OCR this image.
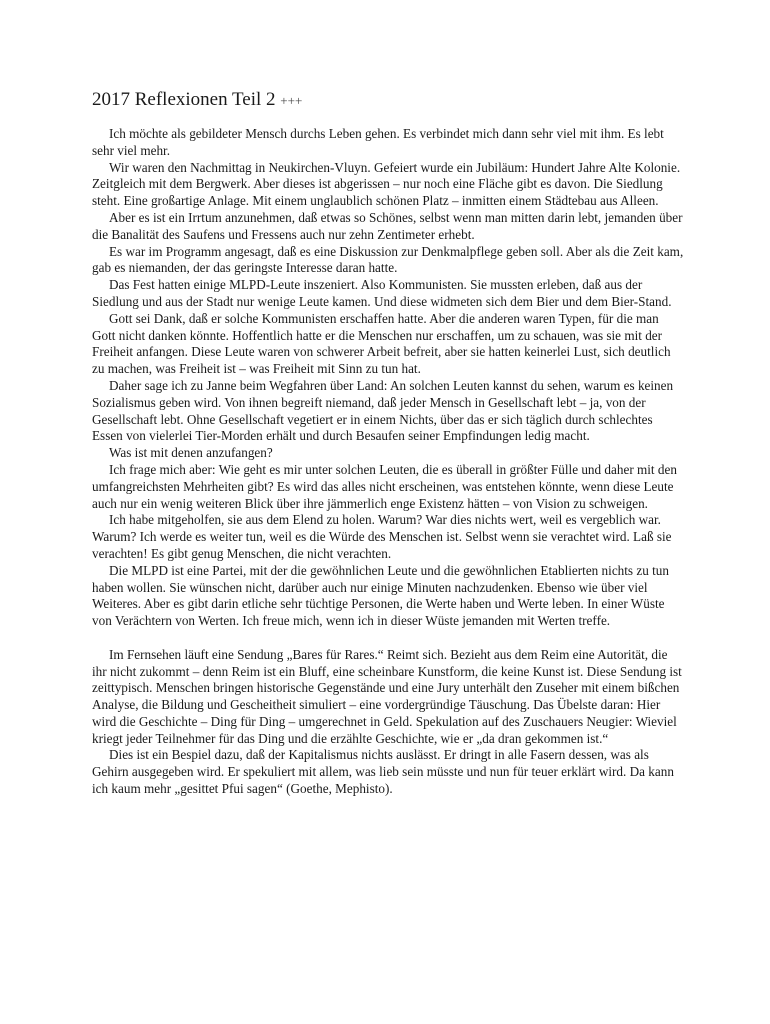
2017 Reflexionen Teil 2 +++

Ich möchte als gebildeter Mensch durchs Leben gehen. Es verbindet mich dann sehr viel mit ihm. Es lebt sehr viel mehr.

Wir waren den Nachmittag in Neukirchen-Vluyn. Gefeiert wurde ein Jubiläum: Hundert Jahre Alte Kolonie. Zeitgleich mit dem Bergwerk. Aber dieses ist abgerissen – nur noch eine Fläche gibt es davon. Die Siedlung steht. Eine großartige Anlage. Mit einem unglaublich schönen Platz – inmitten einem Städtebau aus Alleen.

Aber es ist ein Irrtum anzunehmen, daß etwas so Schönes, selbst wenn man mitten darin lebt, jemanden über die Banalität des Saufens und Fressens auch nur zehn Zentimeter erhebt.

Es war im Programm angesagt, daß es eine Diskussion zur Denkmalpflege geben soll. Aber als die Zeit kam, gab es niemanden, der das geringste Interesse daran hatte.

Das Fest hatten einige MLPD-Leute inszeniert. Also Kommunisten. Sie mussten erleben, daß aus der Siedlung und aus der Stadt nur wenige Leute kamen. Und diese widmeten sich dem Bier und dem Bier-Stand.

Gott sei Dank, daß er solche Kommunisten erschaffen hatte. Aber die anderen waren Typen, für die man Gott nicht danken könnte. Hoffentlich hatte er die Menschen nur erschaffen, um zu schauen, was sie mit der Freiheit anfangen. Diese Leute waren von schwerer Arbeit befreit, aber sie hatten keinerlei Lust, sich deutlich zu machen, was Freiheit ist – was Freiheit mit Sinn zu tun hat.

Daher sage ich zu Janne beim Wegfahren über Land: An solchen Leuten kannst du sehen, warum es keinen Sozialismus geben wird. Von ihnen begreift niemand, daß jeder Mensch in Gesellschaft lebt – ja, von der Gesellschaft lebt. Ohne Gesellschaft vegetiert er in einem Nichts, über das er sich täglich durch schlechtes Essen von vielerlei Tier-Morden erhält und durch Besaufen seiner Empfindungen ledig macht.

Was ist mit denen anzufangen?

Ich frage mich aber: Wie geht es mir unter solchen Leuten, die es überall in größter Fülle und daher mit den umfangreichsten Mehrheiten gibt? Es wird das alles nicht erscheinen, was entstehen könnte, wenn diese Leute auch nur ein wenig weiteren Blick über ihre jämmerlich enge Existenz hätten – von Vision zu schweigen.

Ich habe mitgeholfen, sie aus dem Elend zu holen. Warum? War dies nichts wert, weil es vergeblich war. Warum? Ich werde es weiter tun, weil es die Würde des Menschen ist. Selbst wenn sie verachtet wird. Laß sie verachten! Es gibt genug Menschen, die nicht verachten.

Die MLPD ist eine Partei, mit der die gewöhnlichen Leute und die gewöhnlichen Etablierten nichts zu tun haben wollen. Sie wünschen nicht, darüber auch nur einige Minuten nachzudenken. Ebenso wie über viel Weiteres. Aber es gibt darin etliche sehr tüchtige Personen, die Werte haben und Werte leben. In einer Wüste von Verächtern von Werten. Ich freue mich, wenn ich in dieser Wüste jemanden mit Werten treffe.

Im Fernsehen läuft eine Sendung „Bares für Rares.“ Reimt sich. Bezieht aus dem Reim eine Autorität, die ihr nicht zukommt – denn Reim ist ein Bluff, eine scheinbare Kunstform, die keine Kunst ist. Diese Sendung ist zeittypisch. Menschen bringen historische Gegenstände und eine Jury unterhält den Zuseher mit einem bißchen Analyse, die Bildung und Gescheitheit simuliert – eine vordergründige Täuschung. Das Übelste daran: Hier wird die Geschichte – Ding für Ding – umgerechnet in Geld. Spekulation auf des Zuschauers Neugier: Wieviel kriegt jeder Teilnehmer für das Ding und die erzählte Geschichte, wie er „da dran gekommen ist.“

Dies ist ein Bespiel dazu, daß der Kapitalismus nichts auslässt. Er dringt in alle Fasern dessen, was als Gehirn ausgegeben wird. Er spekuliert mit allem, was lieb sein müsste und nun für teuer erklärt wird. Da kann ich kaum mehr „gesittet Pfui sagen“ (Goethe, Mephisto).
